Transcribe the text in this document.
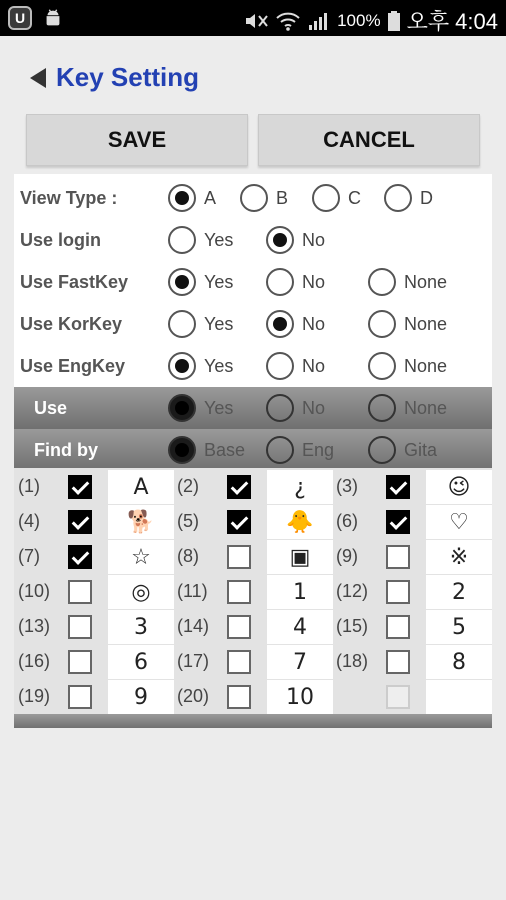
U	100% 오후 4:04
Key Setting
SAVE	CANCEL
View Type :	A	B	C	D
Use login	Yes	No
Use FastKey	Yes	No	None
Use KorKey	Yes	No	None
Use EngKey	Yes	No	None
Use	Yes	No	None
Find by	Base	Eng	Gita
(1)	A	(2)	¿	(3)	😉
(4)	🐕	(5)	🐥	(6)	♡
(7)	☆	(8)	▣	(9)	※
(10)	◎	(11)	1	(12)	2
(13)	3	(14)	4	(15)	5
(16)	6	(17)	7	(18)	8
(19)	9	(20)	10
